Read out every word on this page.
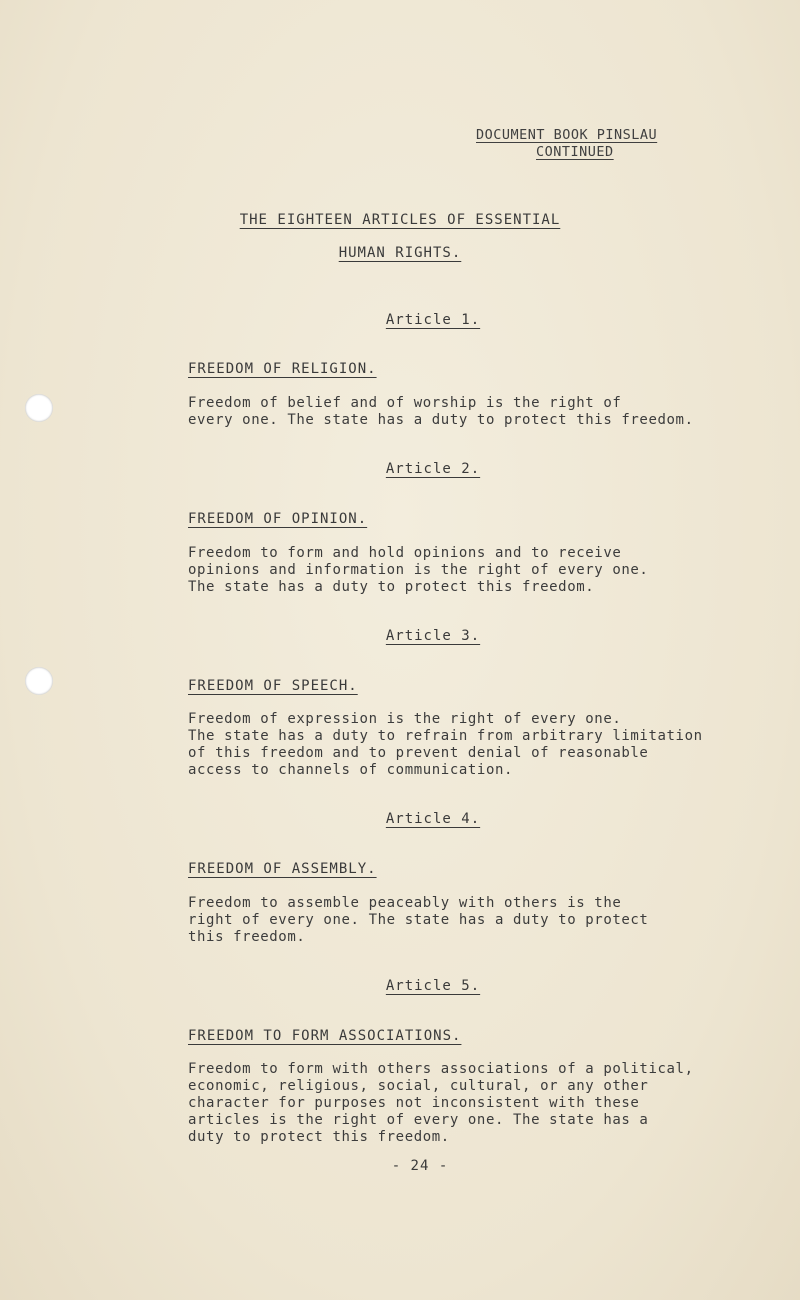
DOCUMENT BOOK PINSLAU
CONTINUED
THE EIGHTEEN ARTICLES OF ESSENTIAL
HUMAN RIGHTS.
Article 1.
FREEDOM OF RELIGION.
Freedom of belief and of worship is the right of
every one. The state has a duty to protect this freedom.
Article 2.
FREEDOM OF OPINION.
Freedom to form and hold opinions and to receive
opinions and information is the right of every one.
The state has a duty to protect this freedom.
Article 3.
FREEDOM OF SPEECH.
Freedom of expression is the right of every one.
The state has a duty to refrain from arbitrary limitation
of this freedom and to prevent denial of reasonable
access to channels of communication.
Article 4.
FREEDOM OF ASSEMBLY.
Freedom to assemble peaceably with others is the
right of every one. The state has a duty to protect
this freedom.
Article 5.
FREEDOM TO FORM ASSOCIATIONS.
Freedom to form with others associations of a political,
economic, religious, social, cultural, or any other
character for purposes not inconsistent with these
articles is the right of every one. The state has a
duty to protect this freedom.
- 24 -
